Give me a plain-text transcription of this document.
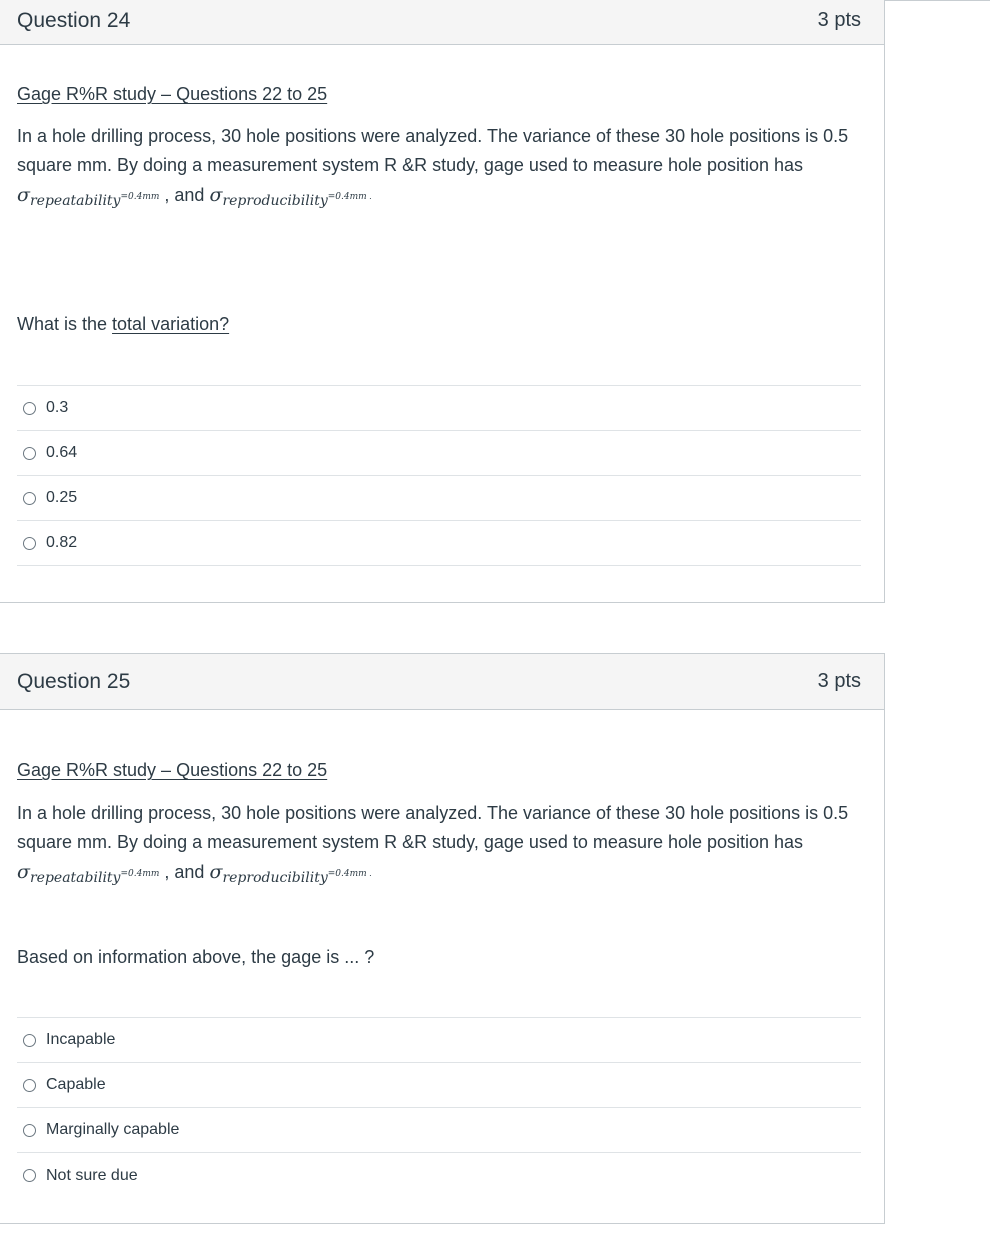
Question 24	3 pts
Gage R%R study – Questions 22 to 25
In a hole drilling process, 30 hole positions were analyzed. The variance of these 30 hole positions is 0.5 square mm. By doing a measurement system R &R study, gage used to measure hole position has
$\sigma_{repeatability}=0.4mm$ , and $\sigma_{reproducibility}=0.4mm$ .
What is the total variation?
0.3
0.64
0.25
0.82
Question 25	3 pts
Gage R%R study – Questions 22 to 25
In a hole drilling process, 30 hole positions were analyzed. The variance of these 30 hole positions is 0.5 square mm. By doing a measurement system R &R study, gage used to measure hole position has
$\sigma_{repeatability}=0.4mm$ , and $\sigma_{reproducibility}=0.4mm$ .
Based on information above, the gage is ... ?
Incapable
Capable
Marginally capable
Not sure due
